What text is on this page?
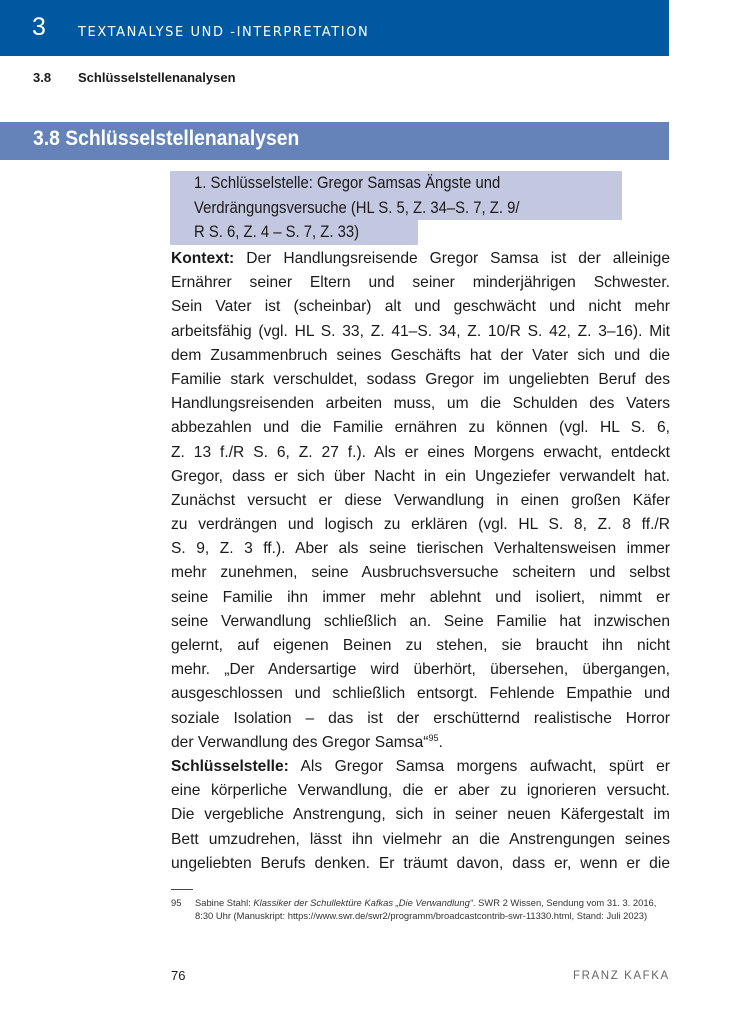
3 TEXTANALYSE UND -INTERPRETATION
3.8 Schlüsselstellenanalysen
3.8 Schlüsselstellenanalysen
1. Schlüsselstelle: Gregor Samsas Ängste und
Verdrängungsversuche (HL S. 5, Z. 34–S. 7, Z. 9/
R S. 6, Z. 4 – S. 7, Z. 33)
Kontext: Der Handlungsreisende Gregor Samsa ist der alleinige
Ernährer seiner Eltern und seiner minderjährigen Schwester.
Sein Vater ist (scheinbar) alt und geschwächt und nicht mehr
arbeitsfähig (vgl. HL S. 33, Z. 41–S. 34, Z. 10/R S. 42, Z. 3–16). Mit
dem Zusammenbruch seines Geschäfts hat der Vater sich und die
Familie stark verschuldet, sodass Gregor im ungeliebten Beruf des
Handlungsreisenden arbeiten muss, um die Schulden des Vaters
abbezahlen und die Familie ernähren zu können (vgl. HL S. 6,
Z. 13 f./R S. 6, Z. 27 f.). Als er eines Morgens erwacht, entdeckt
Gregor, dass er sich über Nacht in ein Ungeziefer verwandelt hat.
Zunächst versucht er diese Verwandlung in einen großen Käfer
zu verdrängen und logisch zu erklären (vgl. HL S. 8, Z. 8 ff./R
S. 9, Z. 3 ff.). Aber als seine tierischen Verhaltensweisen immer
mehr zunehmen, seine Ausbruchsversuche scheitern und selbst
seine Familie ihn immer mehr ablehnt und isoliert, nimmt er
seine Verwandlung schließlich an. Seine Familie hat inzwischen
gelernt, auf eigenen Beinen zu stehen, sie braucht ihn nicht
mehr. „Der Andersartige wird überhört, übersehen, übergangen,
ausgeschlossen und schließlich entsorgt. Fehlende Empathie und
soziale Isolation – das ist der erschütternd realistische Horror
der Verwandlung des Gregor Samsa“$^{95}$.
Schlüsselstelle: Als Gregor Samsa morgens aufwacht, spürt er
eine körperliche Verwandlung, die er aber zu ignorieren versucht.
Die vergebliche Anstrengung, sich in seiner neuen Käfergestalt im
Bett umzudrehen, lässt ihn vielmehr an die Anstrengungen seines
ungeliebten Berufs denken. Er träumt davon, dass er, wenn er die
95 Sabine Stahl: Klassiker der Schullektüre Kafkas „Die Verwandlung“. SWR 2 Wissen, Sendung vom 31. 3. 2016, 8:30 Uhr (Manuskript: https://www.swr.de/swr2/programm/broadcastcontrib-swr-11330.html, Stand: Juli 2023)
76	FRANZ KAFKA
